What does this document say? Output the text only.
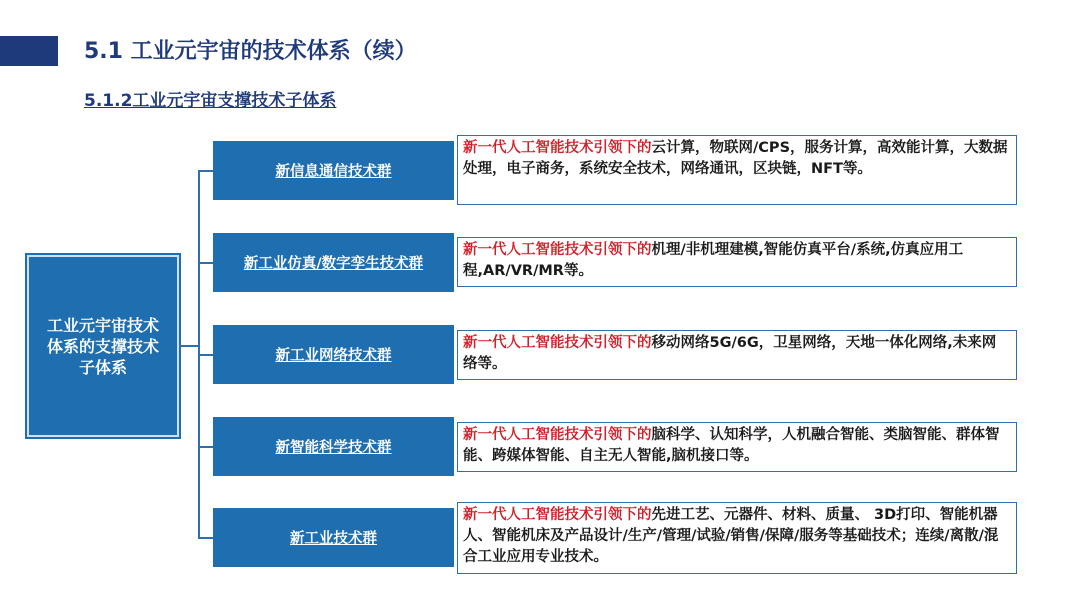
5.1 工业元宇宙的技术体系（续）
5.1.2工业元宇宙支撑技术子体系
工业元宇宙技术体系的支撑技术子体系
新信息通信技术群
新一代人工智能技术引领下的云计算，物联网/CPS，服务计算，高效能计算，大数据处理，电子商务，系统安全技术，网络通讯，区块链，NFT等。
新工业仿真/数字孪生技术群
新一代人工智能技术引领下的机理/非机理建模,智能仿真平台/系统,仿真应用工程,AR/VR/MR等。
新工业网络技术群
新一代人工智能技术引领下的移动网络5G/6G，卫星网络，天地一体化网络,未来网络等。
新智能科学技术群
新一代人工智能技术引领下的脑科学、认知科学，人机融合智能、类脑智能、群体智能、跨媒体智能、自主无人智能,脑机接口等。
新工业技术群
新一代人工智能技术引领下的先进工艺、元器件、材料、质量、 3D打印、智能机器人、智能机床及产品设计/生产/管理/试验/销售/保障/服务等基础技术；连续/离散/混合工业应用专业技术。
